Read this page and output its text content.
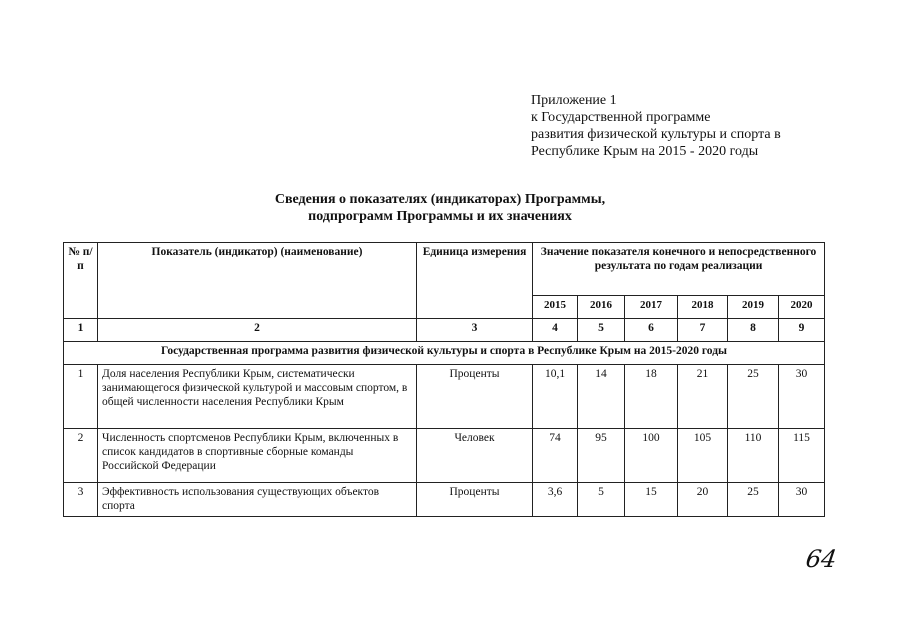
Приложение 1
к Государственной программе
развития физической культуры и спорта в
Республике Крым на 2015 - 2020 годы
Сведения о показателях (индикаторах) Программы,
подпрограмм Программы и их значениях
№ п/п	Показатель (индикатор) (наименование)	Единица измерения	Значение показателя конечного и непосредственного результата по годам реализации					
			2015	2016	2017	2018	2019	2020
1	2	3	4	5	6	7	8	9
Государственная программа развития физической культуры и спорта в Республике Крым на 2015-2020 годы								
1	Доля населения Республики Крым, систематически занимающегося физической культурой и массовым спортом, в общей численности населения Республики Крым	Проценты	10,1	14	18	21	25	30
2	Численность спортсменов Республики Крым, включенных в список кандидатов в спортивные сборные команды Российской Федерации	Человек	74	95	100	105	110	115
3	Эффективность использования существующих объектов спорта	Проценты	3,6	5	15	20	25	30
64
